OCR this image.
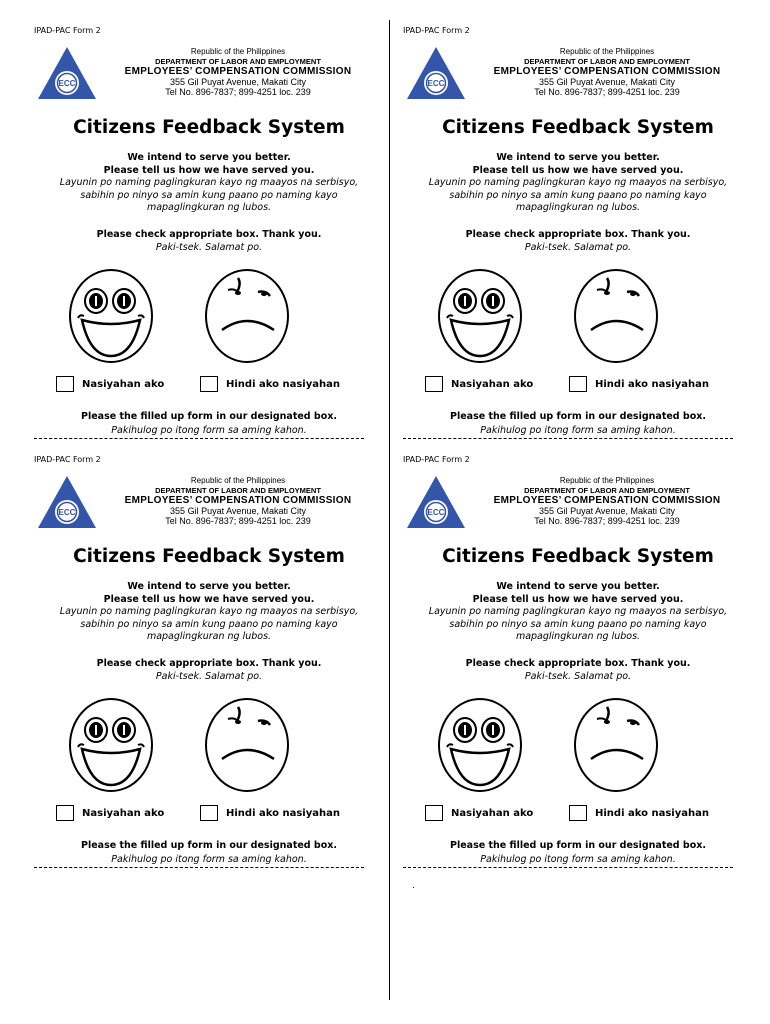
IPAD-PAC Form 2
ECC
Republic of the Philippines
DEPARTMENT OF LABOR AND EMPLOYMENT
EMPLOYEES’ COMPENSATION COMMISSION
355 Gil Puyat Avenue, Makati City
Tel No. 896-7837; 899-4251 loc. 239
Citizens Feedback System
We intend to serve you better.
Please tell us how we have served you.
Layunin po naming paglingkuran kayo ng maayos na serbisyo,
sabihin po ninyo sa amin kung paano po naming kayo
mapaglingkuran ng lubos.
Please check appropriate box. Thank you.
Paki-tsek. Salamat po.
Nasiyahan ako	Hindi ako nasiyahan
Please the filled up form in our designated box.
Pakihulog po itong form sa aming kahon.
IPAD-PAC Form 2
ECC
Republic of the Philippines
DEPARTMENT OF LABOR AND EMPLOYMENT
EMPLOYEES’ COMPENSATION COMMISSION
355 Gil Puyat Avenue, Makati City
Tel No. 896-7837; 899-4251 loc. 239
Citizens Feedback System
We intend to serve you better.
Please tell us how we have served you.
Layunin po naming paglingkuran kayo ng maayos na serbisyo,
sabihin po ninyo sa amin kung paano po naming kayo
mapaglingkuran ng lubos.
Please check appropriate box. Thank you.
Paki-tsek. Salamat po.
Nasiyahan ako	Hindi ako nasiyahan
Please the filled up form in our designated box.
Pakihulog po itong form sa aming kahon.
IPAD-PAC Form 2
ECC
Republic of the Philippines
DEPARTMENT OF LABOR AND EMPLOYMENT
EMPLOYEES’ COMPENSATION COMMISSION
355 Gil Puyat Avenue, Makati City
Tel No. 896-7837; 899-4251 loc. 239
Citizens Feedback System
We intend to serve you better.
Please tell us how we have served you.
Layunin po naming paglingkuran kayo ng maayos na serbisyo,
sabihin po ninyo sa amin kung paano po naming kayo
mapaglingkuran ng lubos.
Please check appropriate box. Thank you.
Paki-tsek. Salamat po.
Nasiyahan ako	Hindi ako nasiyahan
Please the filled up form in our designated box.
Pakihulog po itong form sa aming kahon.
IPAD-PAC Form 2
ECC
Republic of the Philippines
DEPARTMENT OF LABOR AND EMPLOYMENT
EMPLOYEES’ COMPENSATION COMMISSION
355 Gil Puyat Avenue, Makati City
Tel No. 896-7837; 899-4251 loc. 239
Citizens Feedback System
We intend to serve you better.
Please tell us how we have served you.
Layunin po naming paglingkuran kayo ng maayos na serbisyo,
sabihin po ninyo sa amin kung paano po naming kayo
mapaglingkuran ng lubos.
Please check appropriate box. Thank you.
Paki-tsek. Salamat po.
Nasiyahan ako	Hindi ako nasiyahan
Please the filled up form in our designated box.
Pakihulog po itong form sa aming kahon.
.
